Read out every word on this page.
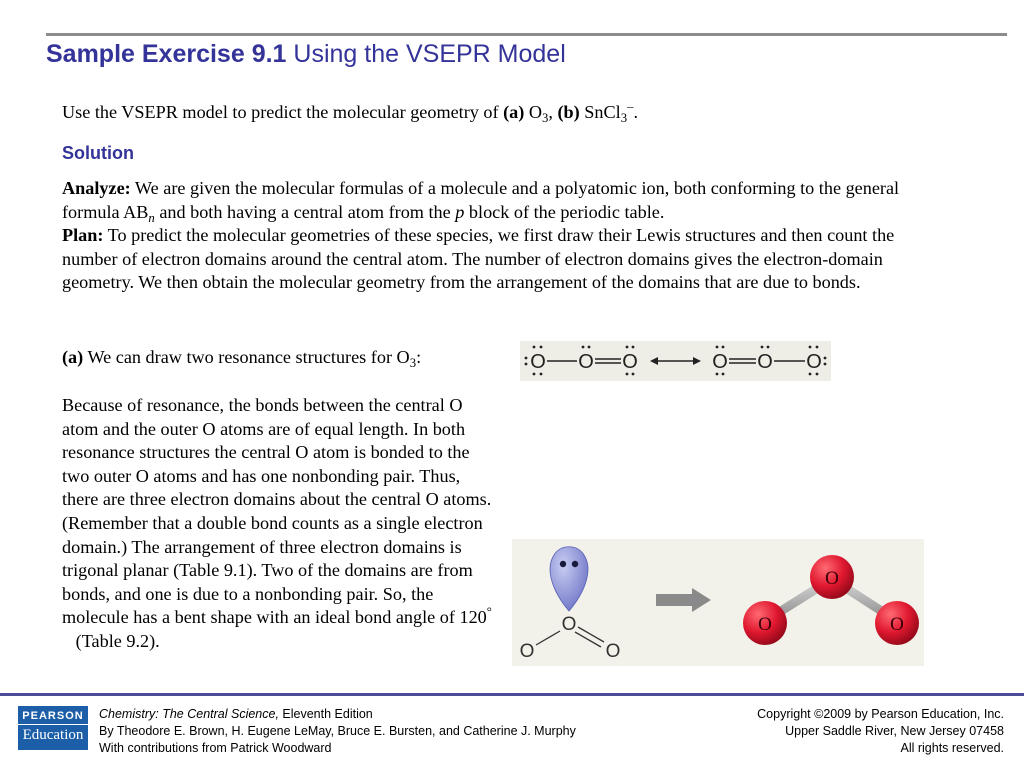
Sample Exercise 9.1 Using the VSEPR Model
Use the VSEPR model to predict the molecular geometry of (a) $O_3$, (b) SnCl$_3$–.
Solution
Analyze: We are given the molecular formulas of a molecule and a polyatomic ion, both conforming to the general formula $AB_n$ and both having a central atom from the p block of the periodic table.
Plan: To predict the molecular geometries of these species, we first draw their Lewis structures and then count the number of electron domains around the central atom. The number of electron domains gives the electron-domain geometry. We then obtain the molecular geometry from the arrangement of the domains that are due to bonds.
(a) We can draw two resonance structures for $O_3$:
Because of resonance, the bonds between the central O atom and the outer O atoms are of equal length. In both resonance structures the central O atom is bonded to the two outer O atoms and has one nonbonding pair. Thus, there are three electron domains about the central O atoms. (Remember that a double bond counts as a single electron domain.) The arrangement of three electron domains is trigonal planar (Table 9.1). Two of the domains are from bonds, and one is due to a nonbonding pair. So, the molecule has a bent shape with an ideal bond angle of 120°   (Table 9.2).
O O O	O O O
O
O	O
O
O	O
PEARSON
Education
Chemistry: The Central Science, Eleventh Edition
By Theodore E. Brown, H. Eugene LeMay, Bruce E. Bursten, and Catherine J. Murphy
With contributions from Patrick Woodward
Copyright ©2009 by Pearson Education, Inc.
Upper Saddle River, New Jersey 07458
All rights reserved.
